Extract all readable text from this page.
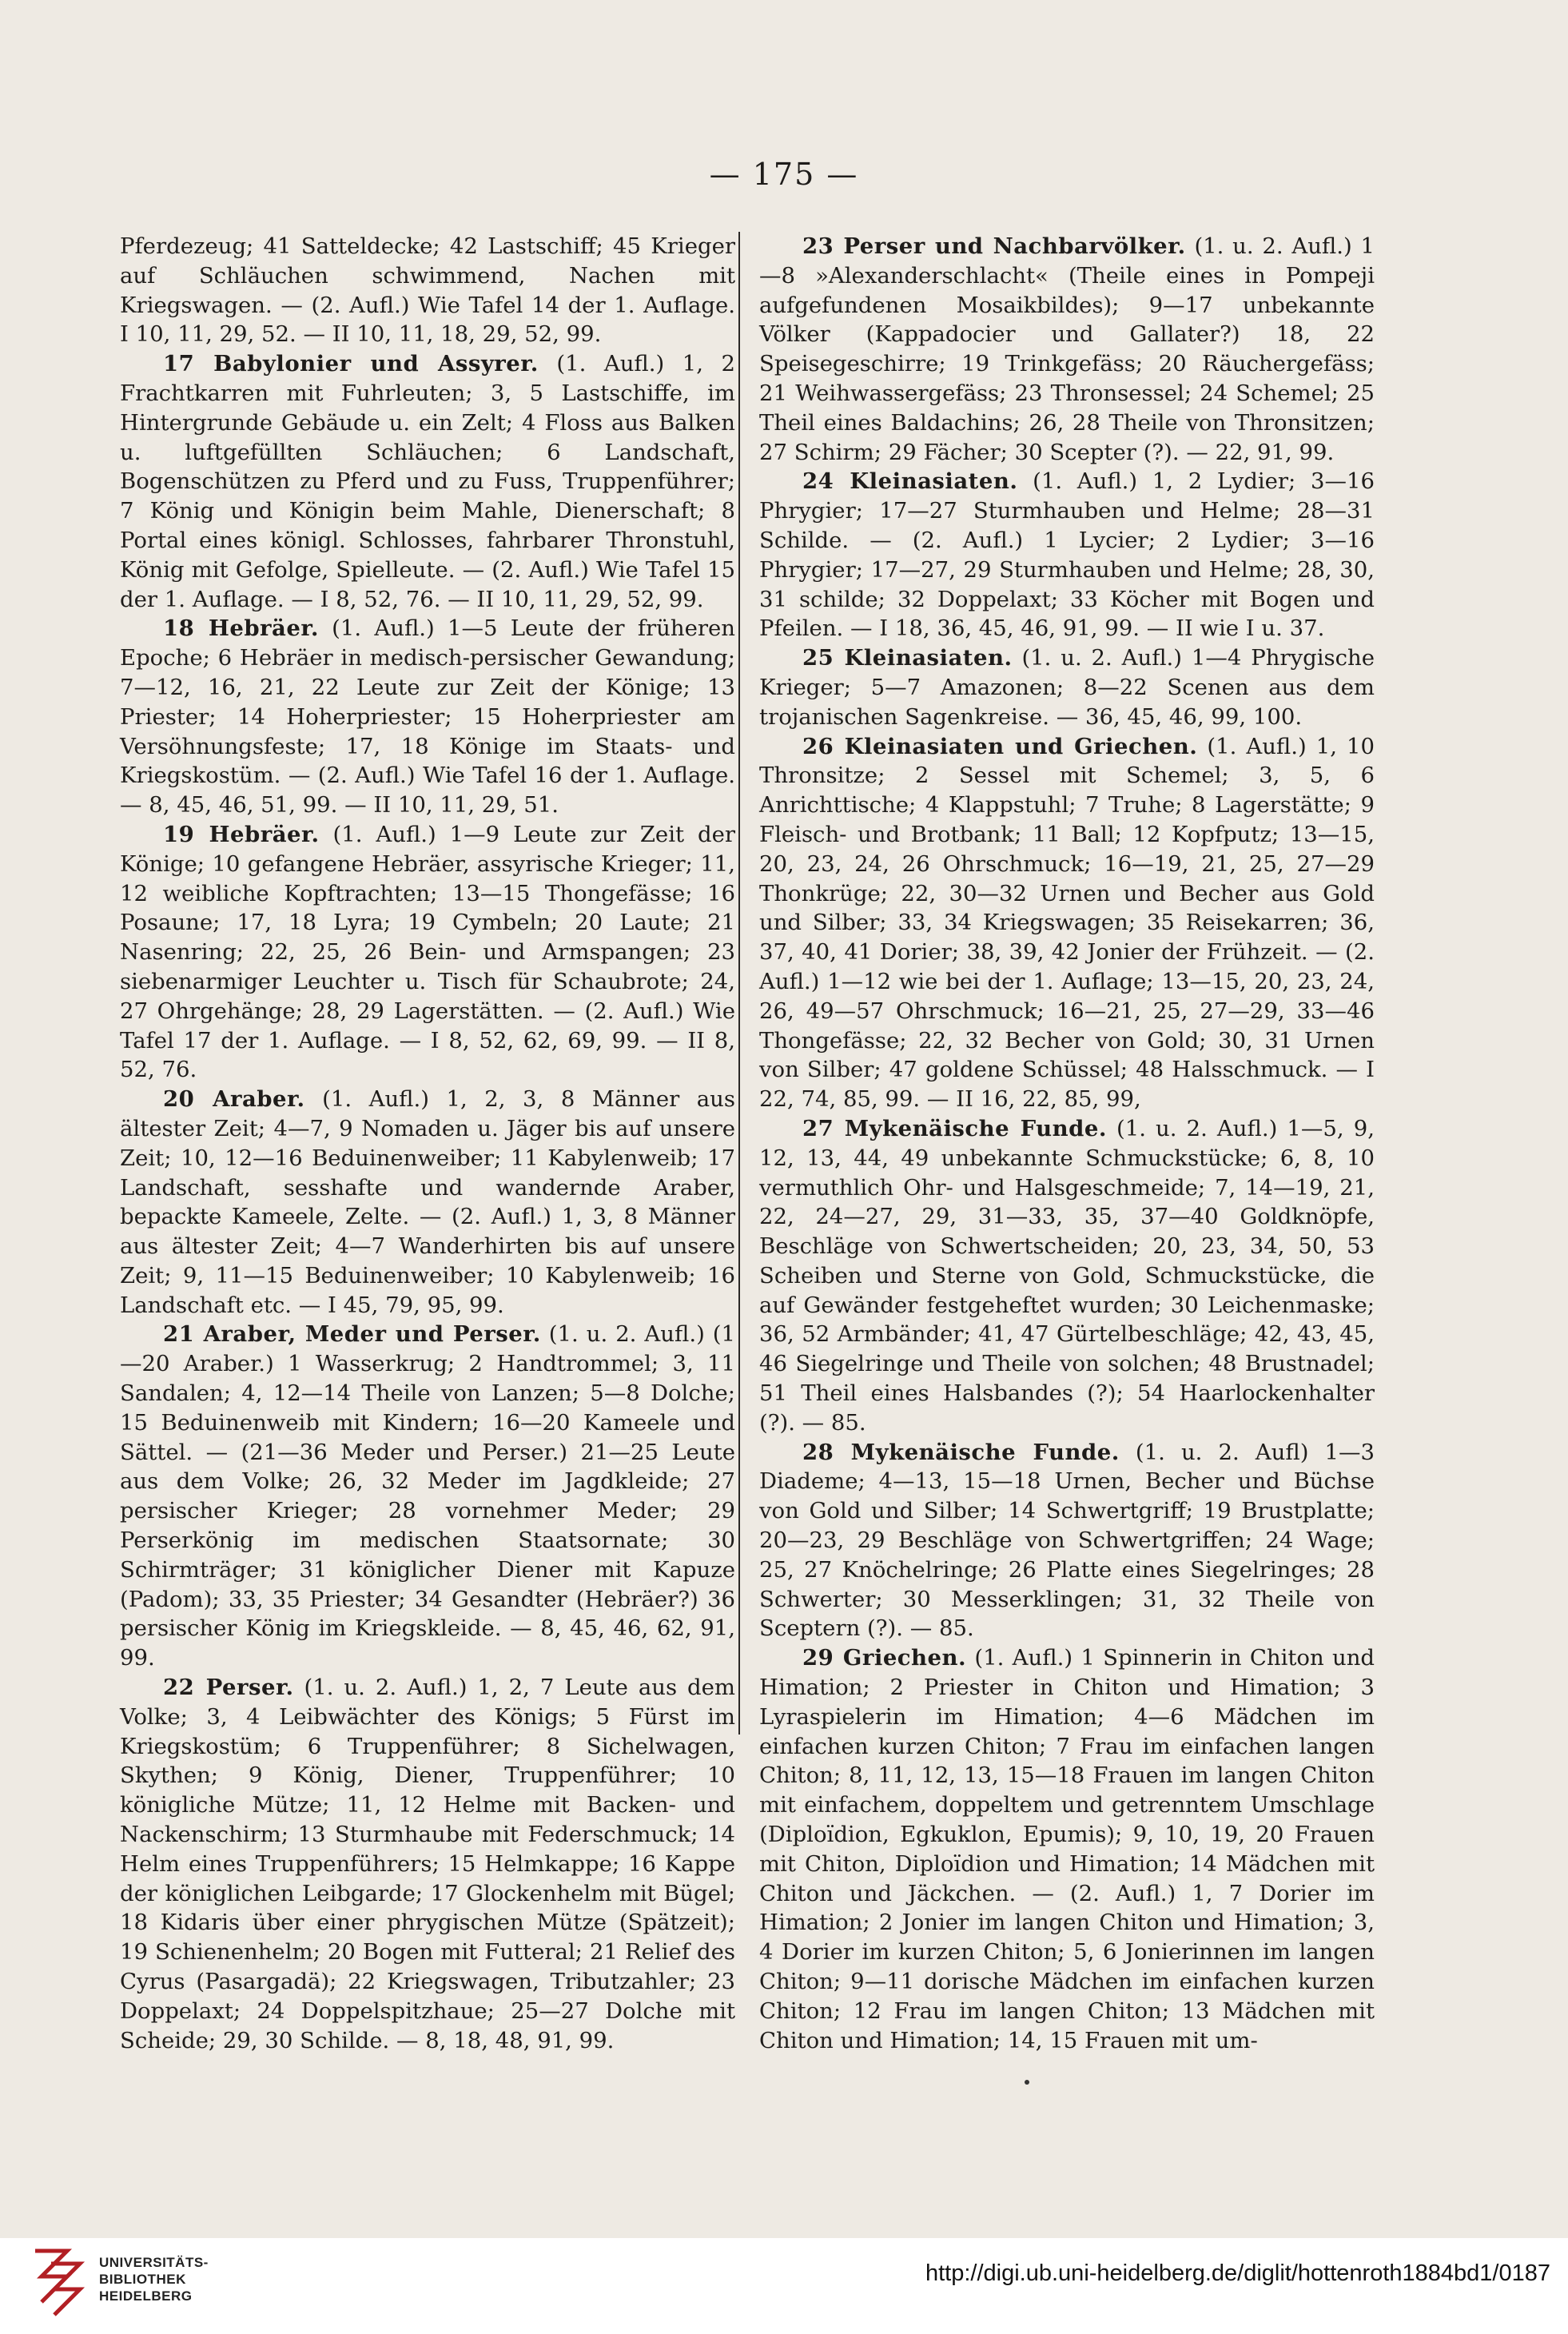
— 175 —

Pferdezeug; 41 Satteldecke; 42 Lastschiff; 45 Krieger auf Schläuchen schwimmend, Nachen mit Kriegswagen. — (2. Aufl.) Wie Tafel 14 der 1. Auflage. I 10, 11, 29, 52. — II 10, 11, 18, 29, 52, 99.

17 Babylonier und Assyrer. (1. Aufl.) 1, 2 Frachtkarren mit Fuhrleuten; 3, 5 Lastschiffe, im Hintergrunde Gebäude u. ein Zelt; 4 Floss aus Balken u. luftgefüllten Schläuchen; 6 Landschaft, Bogenschützen zu Pferd und zu Fuss, Truppenführer; 7 König und Königin beim Mahle, Dienerschaft; 8 Portal eines königl. Schlosses, fahrbarer Thronstuhl, König mit Gefolge, Spielleute. — (2. Aufl.) Wie Tafel 15 der 1. Auflage. — I 8, 52, 76. — II 10, 11, 29, 52, 99.

18 Hebräer. (1. Aufl.) 1—5 Leute der früheren Epoche; 6 Hebräer in medisch-persischer Gewandung; 7—12, 16, 21, 22 Leute zur Zeit der Könige; 13 Priester; 14 Hoherpriester; 15 Hoherpriester am Versöhnungsfeste; 17, 18 Könige im Staats- und Kriegskostüm. — (2. Aufl.) Wie Tafel 16 der 1. Auflage. — 8, 45, 46, 51, 99. — II 10, 11, 29, 51.

19 Hebräer. (1. Aufl.) 1—9 Leute zur Zeit der Könige; 10 gefangene Hebräer, assyrische Krieger; 11, 12 weibliche Kopftrachten; 13—15 Thongefässe; 16 Posaune; 17, 18 Lyra; 19 Cymbeln; 20 Laute; 21 Nasenring; 22, 25, 26 Bein- und Armspangen; 23 siebenarmiger Leuchter u. Tisch für Schaubrote; 24, 27 Ohrgehänge; 28, 29 Lagerstätten. — (2. Aufl.) Wie Tafel 17 der 1. Auflage. — I 8, 52, 62, 69, 99. — II 8, 52, 76.

20 Araber. (1. Aufl.) 1, 2, 3, 8 Männer aus ältester Zeit; 4—7, 9 Nomaden u. Jäger bis auf unsere Zeit; 10, 12—16 Beduinenweiber; 11 Kabylenweib; 17 Landschaft, sesshafte und wandernde Araber, bepackte Kameele, Zelte. — (2. Aufl.) 1, 3, 8 Männer aus ältester Zeit; 4—7 Wanderhirten bis auf unsere Zeit; 9, 11—15 Beduinenweiber; 10 Kabylenweib; 16 Landschaft etc. — I 45, 79, 95, 99.

21 Araber, Meder und Perser. (1. u. 2. Aufl.) (1—20 Araber.) 1 Wasserkrug; 2 Handtrommel; 3, 11 Sandalen; 4, 12—14 Theile von Lanzen; 5—8 Dolche; 15 Beduinenweib mit Kindern; 16—20 Kameele und Sättel. — (21—36 Meder und Perser.) 21—25 Leute aus dem Volke; 26, 32 Meder im Jagdkleide; 27 persischer Krieger; 28 vornehmer Meder; 29 Perserkönig im medischen Staatsornate; 30 Schirmträger; 31 königlicher Diener mit Kapuze (Padom); 33, 35 Priester; 34 Gesandter (Hebräer?) 36 persischer König im Kriegskleide. — 8, 45, 46, 62, 91, 99.

22 Perser. (1. u. 2. Aufl.) 1, 2, 7 Leute aus dem Volke; 3, 4 Leibwächter des Königs; 5 Fürst im Kriegskostüm; 6 Truppenführer; 8 Sichelwagen, Skythen; 9 König, Diener, Truppenführer; 10 königliche Mütze; 11, 12 Helme mit Backen- und Nackenschirm; 13 Sturmhaube mit Federschmuck; 14 Helm eines Truppenführers; 15 Helmkappe; 16 Kappe der königlichen Leibgarde; 17 Glockenhelm mit Bügel; 18 Kidaris über einer phrygischen Mütze (Spätzeit); 19 Schienenhelm; 20 Bogen mit Futteral; 21 Relief des Cyrus (Pasargadä); 22 Kriegswagen, Tributzahler; 23 Doppelaxt; 24 Doppelspitzhaue; 25—27 Dolche mit Scheide; 29, 30 Schilde. — 8, 18, 48, 91, 99.

23 Perser und Nachbarvölker. (1. u. 2. Aufl.) 1—8 »Alexanderschlacht« (Theile eines in Pompeji aufgefundenen Mosaikbildes); 9—17 unbekannte Völker (Kappadocier und Gallater?) 18, 22 Speisegeschirre; 19 Trinkgefäss; 20 Räuchergefäss; 21 Weihwassergefäss; 23 Thronsessel; 24 Schemel; 25 Theil eines Baldachins; 26, 28 Theile von Thronsitzen; 27 Schirm; 29 Fächer; 30 Scepter (?). — 22, 91, 99.

24 Kleinasiaten. (1. Aufl.) 1, 2 Lydier; 3—16 Phrygier; 17—27 Sturmhauben und Helme; 28—31 Schilde. — (2. Aufl.) 1 Lycier; 2 Lydier; 3—16 Phrygier; 17—27, 29 Sturmhauben und Helme; 28, 30, 31 schilde; 32 Doppelaxt; 33 Köcher mit Bogen und Pfeilen. — I 18, 36, 45, 46, 91, 99. — II wie I u. 37.

25 Kleinasiaten. (1. u. 2. Aufl.) 1—4 Phrygische Krieger; 5—7 Amazonen; 8—22 Scenen aus dem trojanischen Sagenkreise. — 36, 45, 46, 99, 100.

26 Kleinasiaten und Griechen. (1. Aufl.) 1, 10 Thronsitze; 2 Sessel mit Schemel; 3, 5, 6 Anrichttische; 4 Klappstuhl; 7 Truhe; 8 Lagerstätte; 9 Fleisch- und Brotbank; 11 Ball; 12 Kopfputz; 13—15, 20, 23, 24, 26 Ohrschmuck; 16—19, 21, 25, 27—29 Thonkrüge; 22, 30—32 Urnen und Becher aus Gold und Silber; 33, 34 Kriegswagen; 35 Reisekarren; 36, 37, 40, 41 Dorier; 38, 39, 42 Jonier der Frühzeit. — (2. Aufl.) 1—12 wie bei der 1. Auflage; 13—15, 20, 23, 24, 26, 49—57 Ohrschmuck; 16—21, 25, 27—29, 33—46 Thongefässe; 22, 32 Becher von Gold; 30, 31 Urnen von Silber; 47 goldene Schüssel; 48 Halsschmuck. — I 22, 74, 85, 99. — II 16, 22, 85, 99,

27 Mykenäische Funde. (1. u. 2. Aufl.) 1—5, 9, 12, 13, 44, 49 unbekannte Schmuckstücke; 6, 8, 10 vermuthlich Ohr- und Halsgeschmeide; 7, 14—19, 21, 22, 24—27, 29, 31—33, 35, 37—40 Goldknöpfe, Beschläge von Schwertscheiden; 20, 23, 34, 50, 53 Scheiben und Sterne von Gold, Schmuckstücke, die auf Gewänder festgeheftet wurden; 30 Leichenmaske; 36, 52 Armbänder; 41, 47 Gürtelbeschläge; 42, 43, 45, 46 Siegelringe und Theile von solchen; 48 Brustnadel; 51 Theil eines Halsbandes (?); 54 Haarlockenhalter (?). — 85.

28 Mykenäische Funde. (1. u. 2. Aufl) 1—3 Diademe; 4—13, 15—18 Urnen, Becher und Büchse von Gold und Silber; 14 Schwertgriff; 19 Brustplatte; 20—23, 29 Beschläge von Schwertgriffen; 24 Wage; 25, 27 Knöchelringe; 26 Platte eines Siegelringes; 28 Schwerter; 30 Messerklingen; 31, 32 Theile von Sceptern (?). — 85.

29 Griechen. (1. Aufl.) 1 Spinnerin in Chiton und Himation; 2 Priester in Chiton und Himation; 3 Lyraspielerin im Himation; 4—6 Mädchen im einfachen kurzen Chiton; 7 Frau im einfachen langen Chiton; 8, 11, 12, 13, 15—18 Frauen im langen Chiton mit einfachem, doppeltem und getrenntem Umschlage (Diploïdion, Egkuklon, Epumis); 9, 10, 19, 20 Frauen mit Chiton, Diploïdion und Himation; 14 Mädchen mit Chiton und Jäckchen. — (2. Aufl.) 1, 7 Dorier im Himation; 2 Jonier im langen Chiton und Himation; 3, 4 Dorier im kurzen Chiton; 5, 6 Jonierinnen im langen Chiton; 9—11 dorische Mädchen im einfachen kurzen Chiton; 12 Frau im langen Chiton; 13 Mädchen mit Chiton und Himation; 14, 15 Frauen mit um-

UNIVERSITÄTS-
BIBLIOTHEK
HEIDELBERG
http://digi.ub.uni-heidelberg.de/diglit/hottenroth1884bd1/0187
